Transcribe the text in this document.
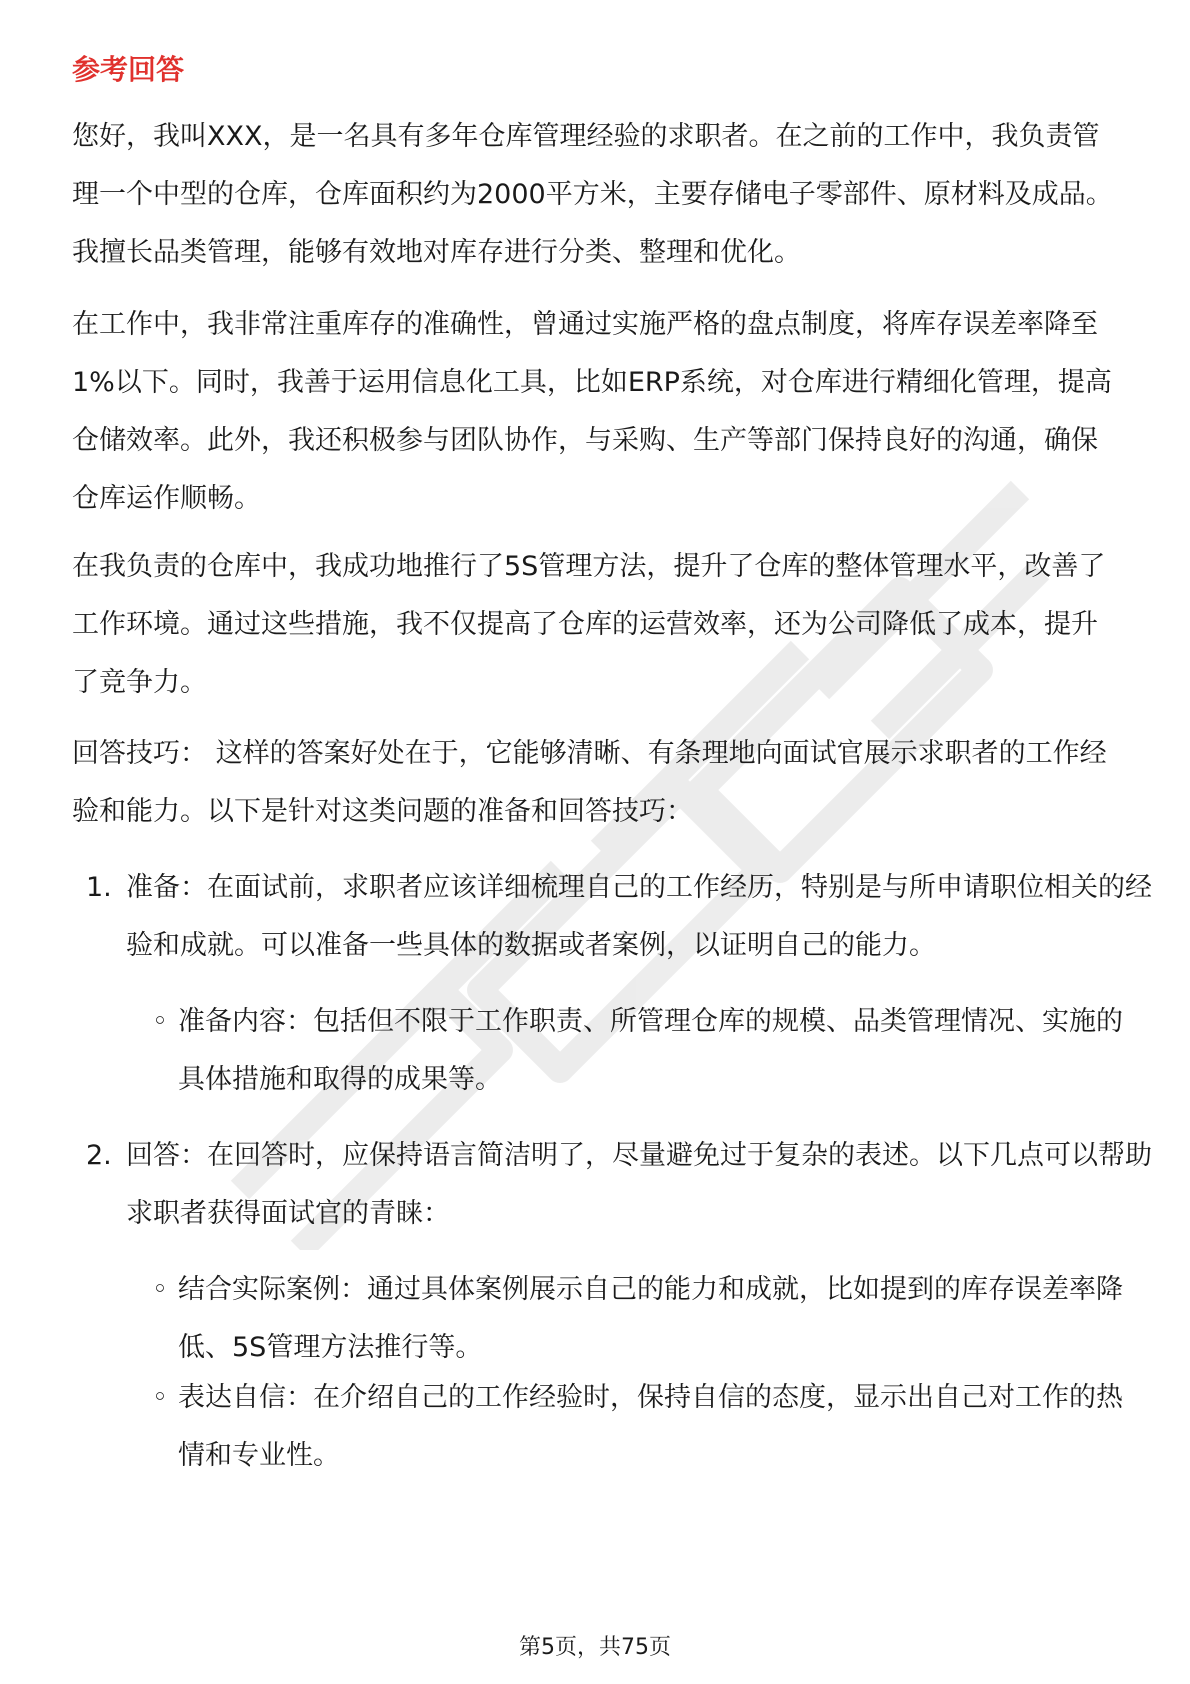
参考回答

您好，我叫XXX，是一名具有多年仓库管理经验的求职者。在之前的工作中，我负责管理一个中型的仓库，仓库面积约为2000平方米，主要存储电子零部件、原材料及成品。我擅长品类管理，能够有效地对库存进行分类、整理和优化。

在工作中，我非常注重库存的准确性，曾通过实施严格的盘点制度，将库存误差率降至1%以下。同时，我善于运用信息化工具，比如ERP系统，对仓库进行精细化管理，提高仓储效率。此外，我还积极参与团队协作，与采购、生产等部门保持良好的沟通，确保仓库运作顺畅。

在我负责的仓库中，我成功地推行了5S管理方法，提升了仓库的整体管理水平，改善了工作环境。通过这些措施，我不仅提高了仓库的运营效率，还为公司降低了成本，提升了竞争力。

回答技巧： 这样的答案好处在于，它能够清晰、有条理地向面试官展示求职者的工作经验和能力。以下是针对这类问题的准备和回答技巧：

1. 准备：在面试前，求职者应该详细梳理自己的工作经历，特别是与所申请职位相关的经验和成就。可以准备一些具体的数据或者案例，以证明自己的能力。
◦ 准备内容：包括但不限于工作职责、所管理仓库的规模、品类管理情况、实施的具体措施和取得的成果等。
2. 回答：在回答时，应保持语言简洁明了，尽量避免过于复杂的表述。以下几点可以帮助求职者获得面试官的青睐：
◦ 结合实际案例：通过具体案例展示自己的能力和成就，比如提到的库存误差率降低、5S管理方法推行等。
◦ 表达自信：在介绍自己的工作经验时，保持自信的态度，显示出自己对工作的热情和专业性。
第5页，共75页
